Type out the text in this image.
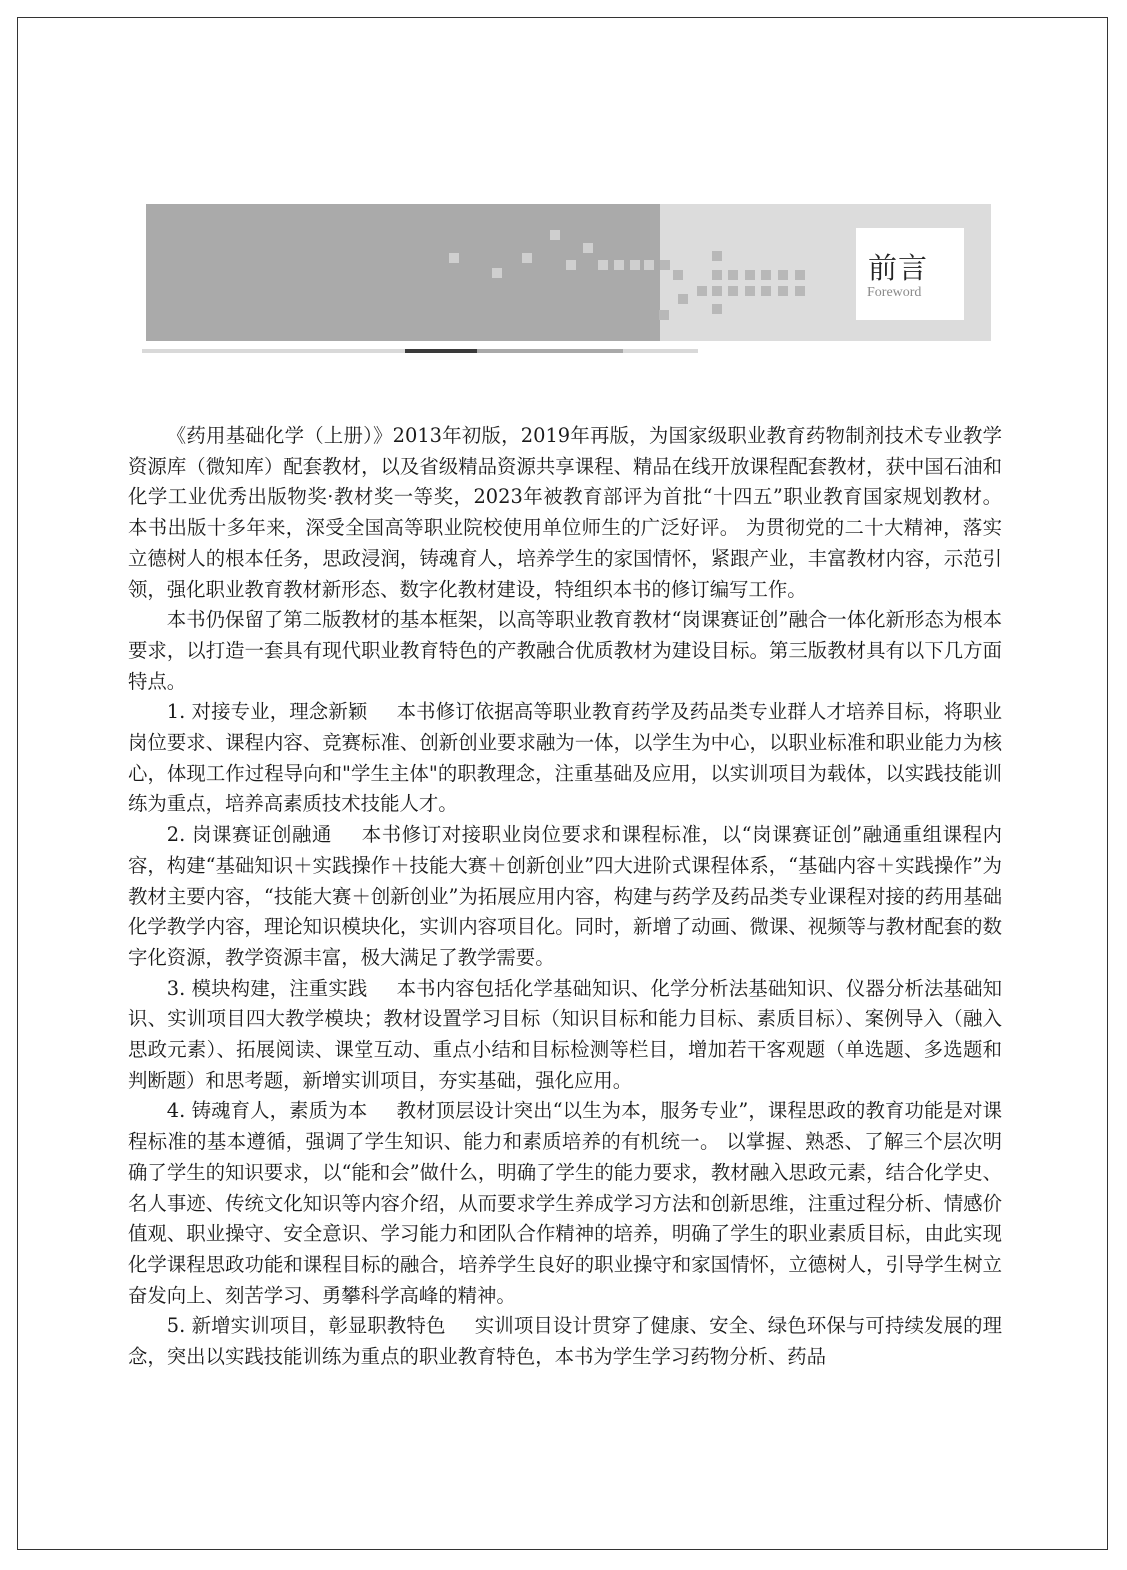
前言
Foreword

《药用基础化学（上册）》2013年初版，2019年再版，为国家级职业教育药物制剂技术专业教学资源库（微知库）配套教材，以及省级精品资源共享课程、精品在线开放课程配套教材，获中国石油和化学工业优秀出版物奖·教材奖一等奖，2023年被教育部评为首批“十四五”职业教育国家规划教材。 本书出版十多年来，深受全国高等职业院校使用单位师生的广泛好评。 为贯彻党的二十大精神，落实立德树人的根本任务，思政浸润，铸魂育人，培养学生的家国情怀，紧跟产业，丰富教材内容，示范引领，强化职业教育教材新形态、数字化教材建设，特组织本书的修订编写工作。

本书仍保留了第二版教材的基本框架，以高等职业教育教材“岗课赛证创”融合一体化新形态为根本要求，以打造一套具有现代职业教育特色的产教融合优质教材为建设目标。第三版教材具有以下几方面特点。

1. 对接专业，理念新颖 本书修订依据高等职业教育药学及药品类专业群人才培养目标，将职业岗位要求、课程内容、竞赛标准、创新创业要求融为一体，以学生为中心，以职业标准和职业能力为核心，体现工作过程导向和"学生主体"的职教理念，注重基础及应用，以实训项目为载体，以实践技能训练为重点，培养高素质技术技能人才。

2. 岗课赛证创融通 本书修订对接职业岗位要求和课程标准，以“岗课赛证创”融通重组课程内容，构建“基础知识＋实践操作＋技能大赛＋创新创业”四大进阶式课程体系，“基础内容＋实践操作”为教材主要内容，“技能大赛＋创新创业”为拓展应用内容，构建与药学及药品类专业课程对接的药用基础化学教学内容，理论知识模块化，实训内容项目化。同时，新增了动画、微课、视频等与教材配套的数字化资源，教学资源丰富，极大满足了教学需要。

3. 模块构建，注重实践 本书内容包括化学基础知识、化学分析法基础知识、仪器分析法基础知识、实训项目四大教学模块；教材设置学习目标（知识目标和能力目标、素质目标）、案例导入（融入思政元素）、拓展阅读、课堂互动、重点小结和目标检测等栏目，增加若干客观题（单选题、多选题和判断题）和思考题，新增实训项目，夯实基础，强化应用。

4. 铸魂育人，素质为本 教材顶层设计突出“以生为本，服务专业”，课程思政的教育功能是对课程标准的基本遵循，强调了学生知识、能力和素质培养的有机统一。 以掌握、熟悉、了解三个层次明确了学生的知识要求，以“能和会”做什么，明确了学生的能力要求，教材融入思政元素，结合化学史、名人事迹、传统文化知识等内容介绍，从而要求学生养成学习方法和创新思维，注重过程分析、情感价值观、职业操守、安全意识、学习能力和团队合作精神的培养，明确了学生的职业素质目标，由此实现化学课程思政功能和课程目标的融合，培养学生良好的职业操守和家国情怀，立德树人，引导学生树立奋发向上、刻苦学习、勇攀科学高峰的精神。

5. 新增实训项目，彰显职教特色 实训项目设计贯穿了健康、安全、绿色环保与可持续发展的理念，突出以实践技能训练为重点的职业教育特色，本书为学生学习药物分析、药品
